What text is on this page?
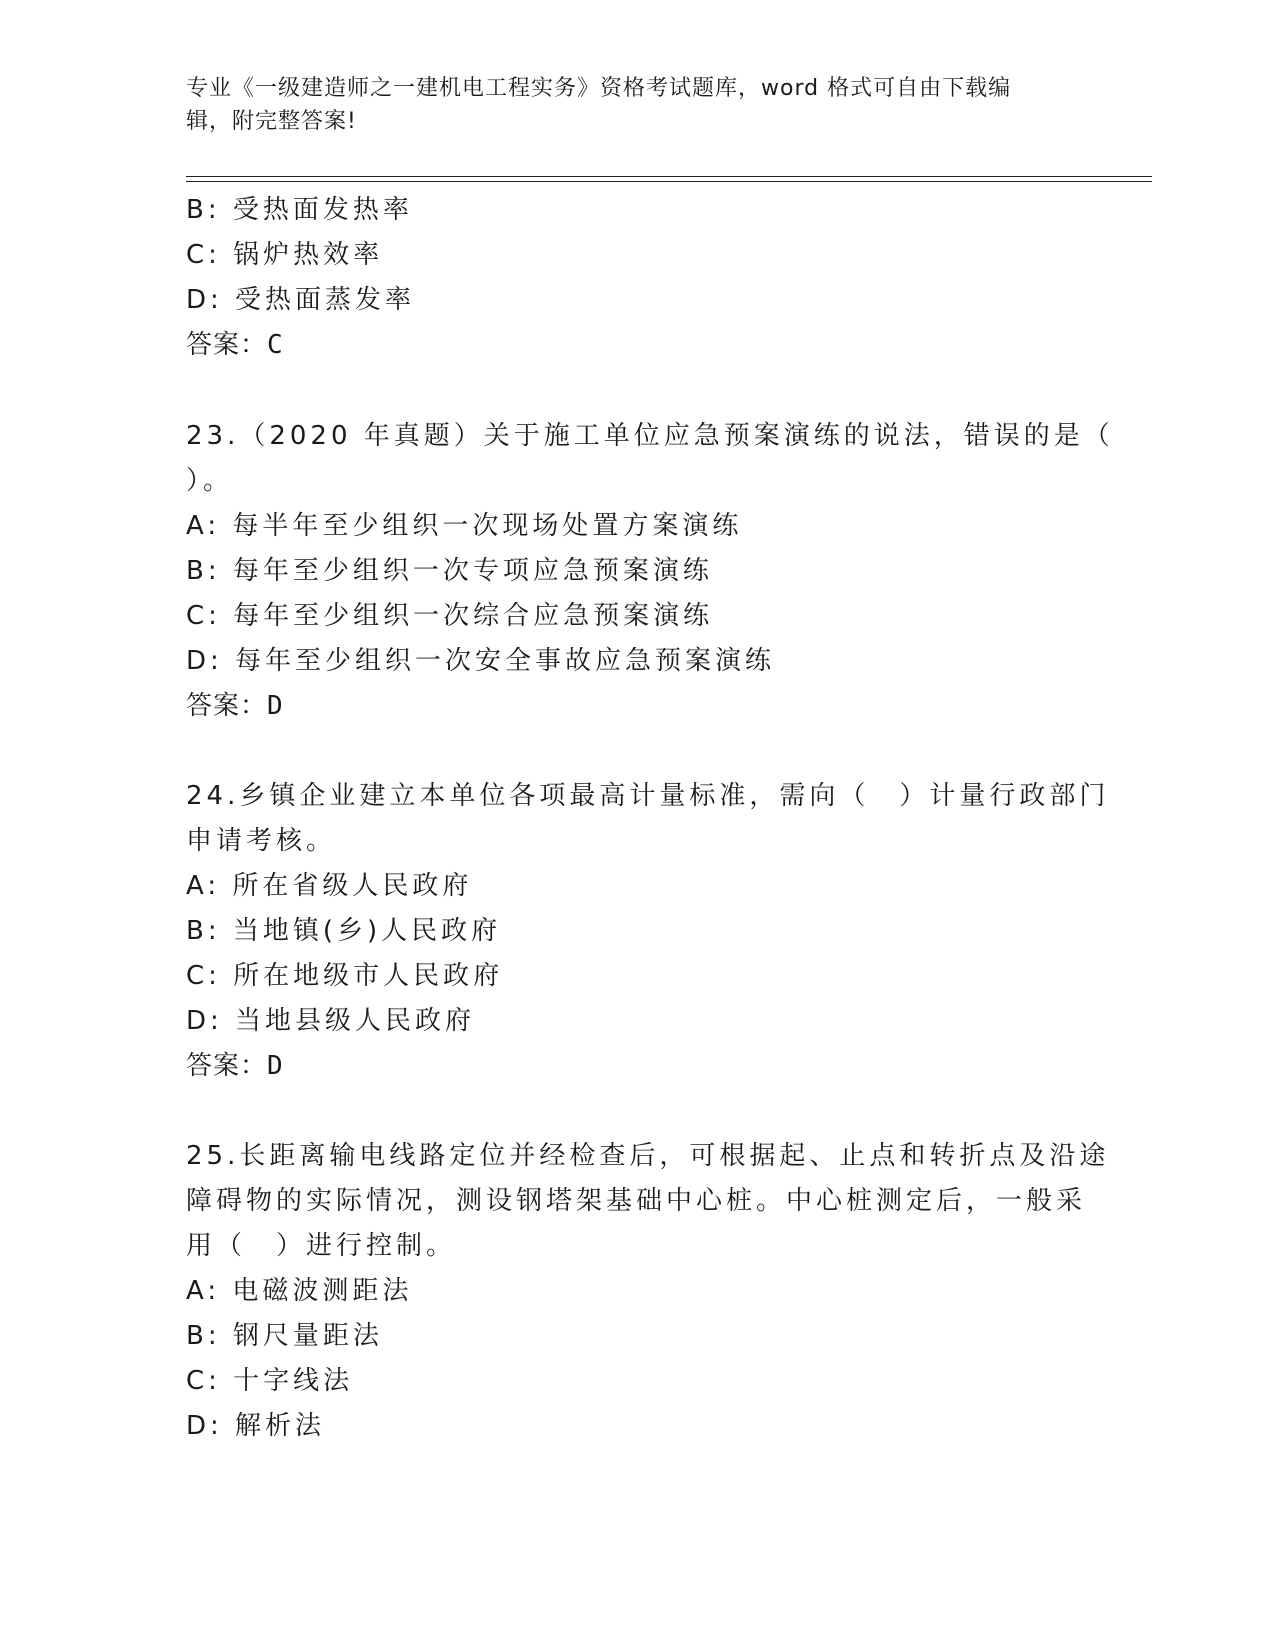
专业《一级建造师之一建机电工程实务》资格考试题库，word 格式可自由下载编
辑，附完整答案!
B: 受热面发热率
C: 锅炉热效率
D: 受热面蒸发率
答案：C
23.（2020 年真题）关于施工单位应急预案演练的说法，错误的是（
）。
A: 每半年至少组织一次现场处置方案演练
B: 每年至少组织一次专项应急预案演练
C: 每年至少组织一次综合应急预案演练
D: 每年至少组织一次安全事故应急预案演练
答案：D
24.乡镇企业建立本单位各项最高计量标准，需向（　）计量行政部门
申请考核。
A: 所在省级人民政府
B: 当地镇(乡)人民政府
C: 所在地级市人民政府
D: 当地县级人民政府
答案：D
25.长距离输电线路定位并经检查后，可根据起、止点和转折点及沿途
障碍物的实际情况，测设钢塔架基础中心桩。中心桩测定后，一般采
用（　）进行控制。
A: 电磁波测距法
B: 钢尺量距法
C: 十字线法
D: 解析法
